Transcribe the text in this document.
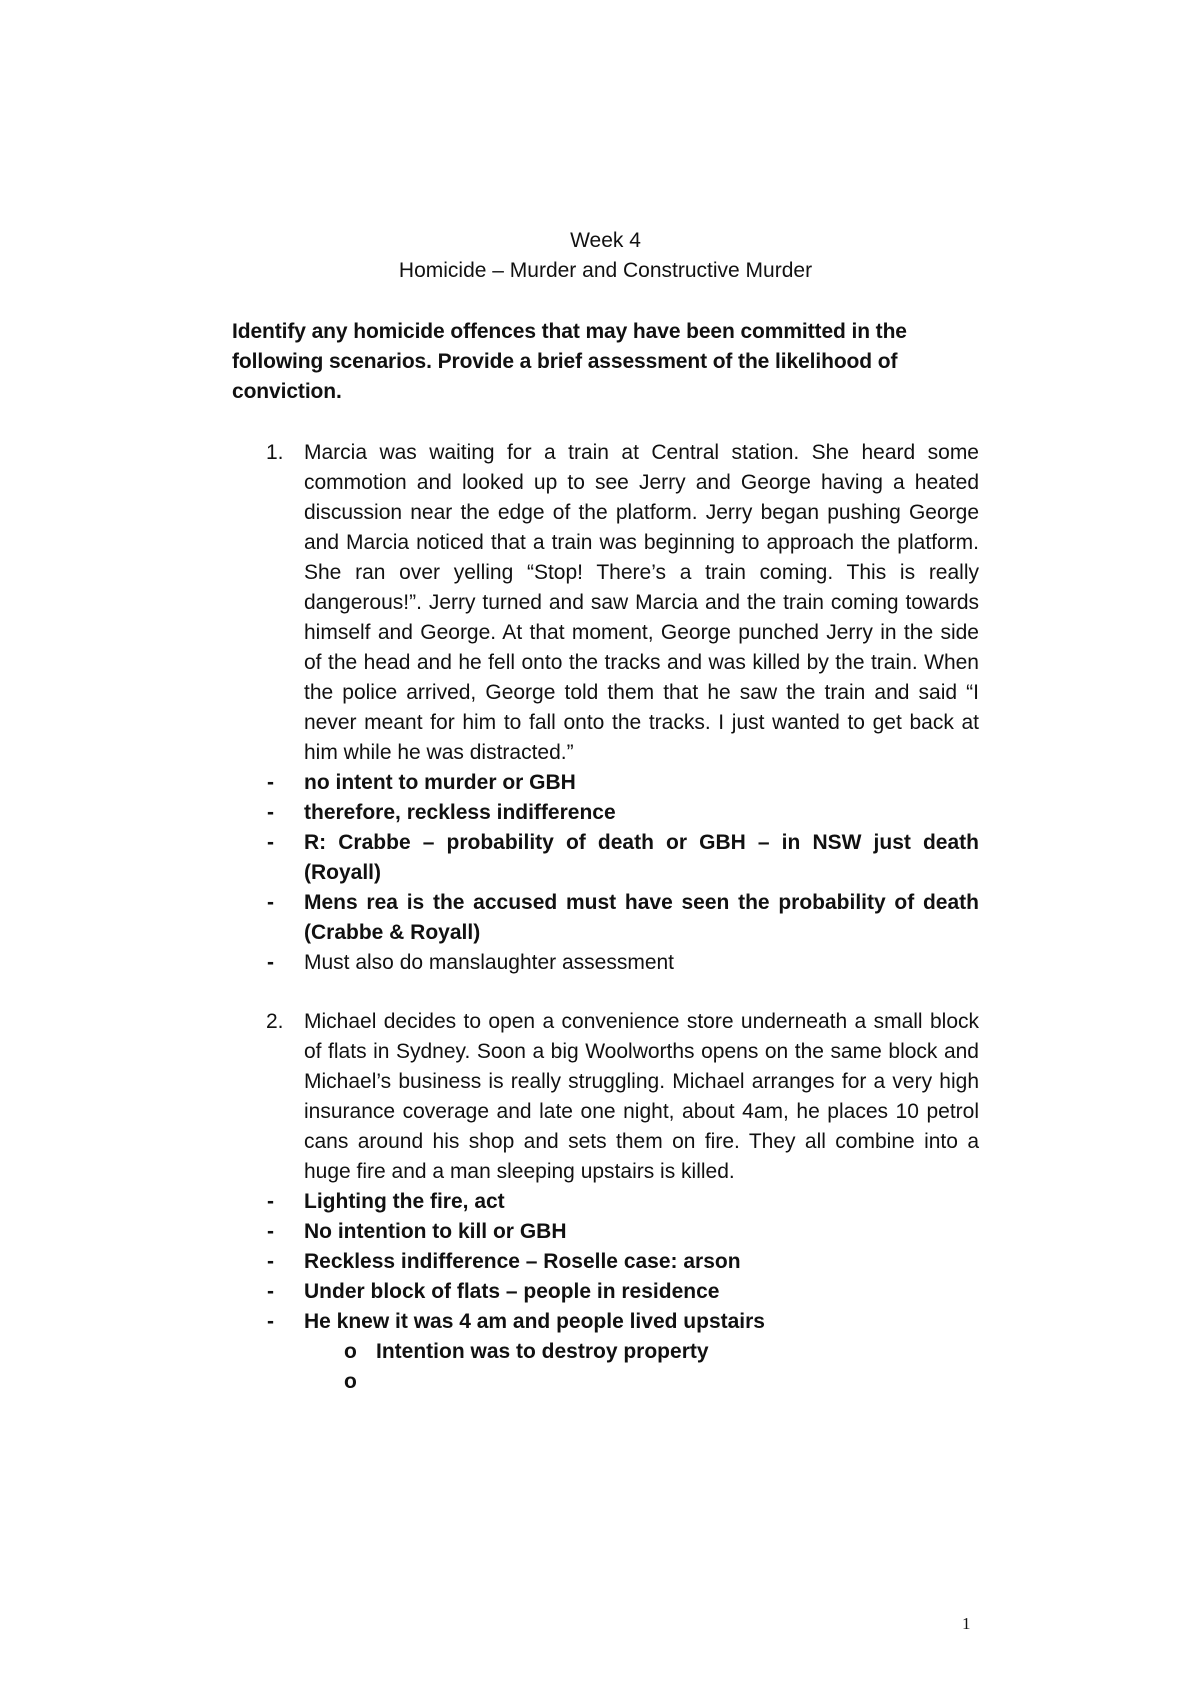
Week 4
Homicide – Murder and Constructive Murder
Identify any homicide offences that may have been committed in the following scenarios. Provide a brief assessment of the likelihood of conviction.
1. Marcia was waiting for a train at Central station. She heard some commotion and looked up to see Jerry and George having a heated discussion near the edge of the platform. Jerry began pushing George and Marcia noticed that a train was beginning to approach the platform. She ran over yelling “Stop! There’s a train coming. This is really dangerous!”. Jerry turned and saw Marcia and the train coming towards himself and George. At that moment, George punched Jerry in the side of the head and he fell onto the tracks and was killed by the train. When the police arrived, George told them that he saw the train and said “I never meant for him to fall onto the tracks. I just wanted to get back at him while he was distracted.”
- no intent to murder or GBH
- therefore, reckless indifference
- R: Crabbe – probability of death or GBH – in NSW just death (Royall)
- Mens rea is the accused must have seen the probability of death (Crabbe & Royall)
- Must also do manslaughter assessment
2. Michael decides to open a convenience store underneath a small block of flats in Sydney. Soon a big Woolworths opens on the same block and Michael’s business is really struggling. Michael arranges for a very high insurance coverage and late one night, about 4am, he places 10 petrol cans around his shop and sets them on fire. They all combine into a huge fire and a man sleeping upstairs is killed.
- Lighting the fire, act
- No intention to kill or GBH
- Reckless indifference – Roselle case: arson
- Under block of flats – people in residence
- He knew it was 4 am and people lived upstairs
o Intention was to destroy property
o
1
